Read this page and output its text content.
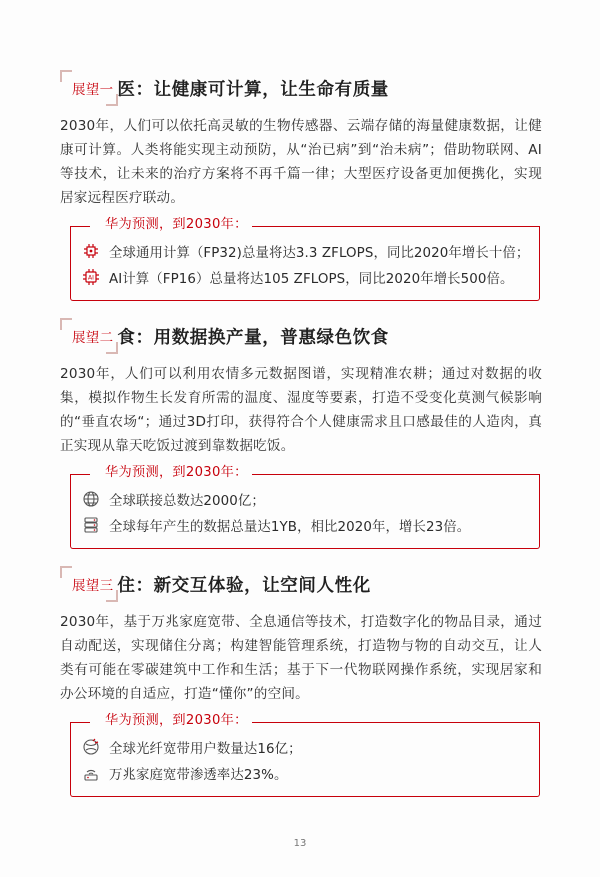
展望一 医：让健康可计算，让生命有质量

2030年，人们可以依托高灵敏的生物传感器、云端存储的海量健康数据，让健康可计算。人类将能实现主动预防，从“治已病”到“治未病”；借助物联网、AI等技术，让未来的治疗方案将不再千篇一律；大型医疗设备更加便携化，实现居家远程医疗联动。

华为预测，到2030年：
全球通用计算（FP32)总量将达3.3 ZFLOPS，同比2020年增长十倍；
AI AI计算（FP16）总量将达105 ZFLOPS，同比2020年增长500倍。
展望二 食：用数据换产量，普惠绿色饮食

2030年，人们可以利用农情多元数据图谱，实现精准农耕；通过对数据的收集，模拟作物生长发育所需的温度、湿度等要素，打造不受变化莫测气候影响的“垂直农场“；通过3D打印，获得符合个人健康需求且口感最佳的人造肉，真正实现从靠天吃饭过渡到靠数据吃饭。

华为预测，到2030年：
全球联接总数达2000亿；
全球每年产生的数据总量达1YB，相比2020年，增长23倍。
展望三 住：新交互体验，让空间人性化

2030年，基于万兆家庭宽带、全息通信等技术，打造数字化的物品目录，通过自动配送，实现储住分离；构建智能管理系统，打造物与物的自动交互，让人类有可能在零碳建筑中工作和生活；基于下一代物联网操作系统，实现居家和办公环境的自适应，打造“懂你”的空间。

华为预测，到2030年：
全球光纤宽带用户数量达16亿；
万兆家庭宽带渗透率达23%。
13
